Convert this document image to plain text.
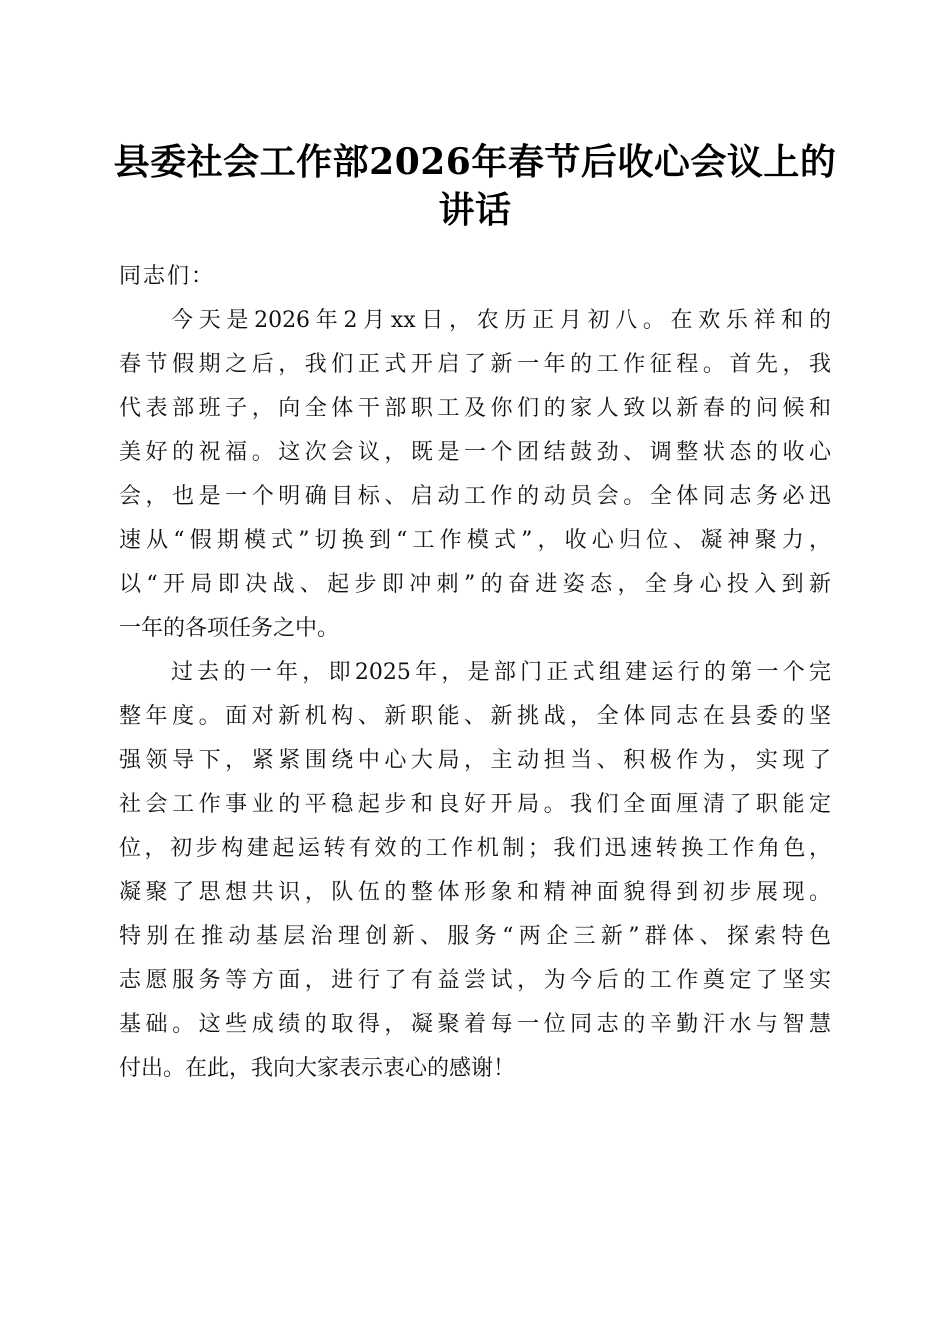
县委社会工作部2026年春节后收心会议上的
讲话

同志们：

今天是2026年2月xx日，农历正月初八。在欢乐祥和的
春节假期之后，我们正式开启了新一年的工作征程。首先，我
代表部班子，向全体干部职工及你们的家人致以新春的问候和
美好的祝福。这次会议，既是一个团结鼓劲、调整状态的收心
会，也是一个明确目标、启动工作的动员会。全体同志务必迅
速从“假期模式”切换到“工作模式”，收心归位、凝神聚力，
以“开局即决战、起步即冲刺”的奋进姿态，全身心投入到新
一年的各项任务之中。

过去的一年，即2025年，是部门正式组建运行的第一个完
整年度。面对新机构、新职能、新挑战，全体同志在县委的坚
强领导下，紧紧围绕中心大局，主动担当、积极作为，实现了
社会工作事业的平稳起步和良好开局。我们全面厘清了职能定
位，初步构建起运转有效的工作机制；我们迅速转换工作角色，
凝聚了思想共识，队伍的整体形象和精神面貌得到初步展现。
特别在推动基层治理创新、服务“两企三新”群体、探索特色
志愿服务等方面，进行了有益尝试，为今后的工作奠定了坚实
基础。这些成绩的取得，凝聚着每一位同志的辛勤汗水与智慧
付出。在此，我向大家表示衷心的感谢！
